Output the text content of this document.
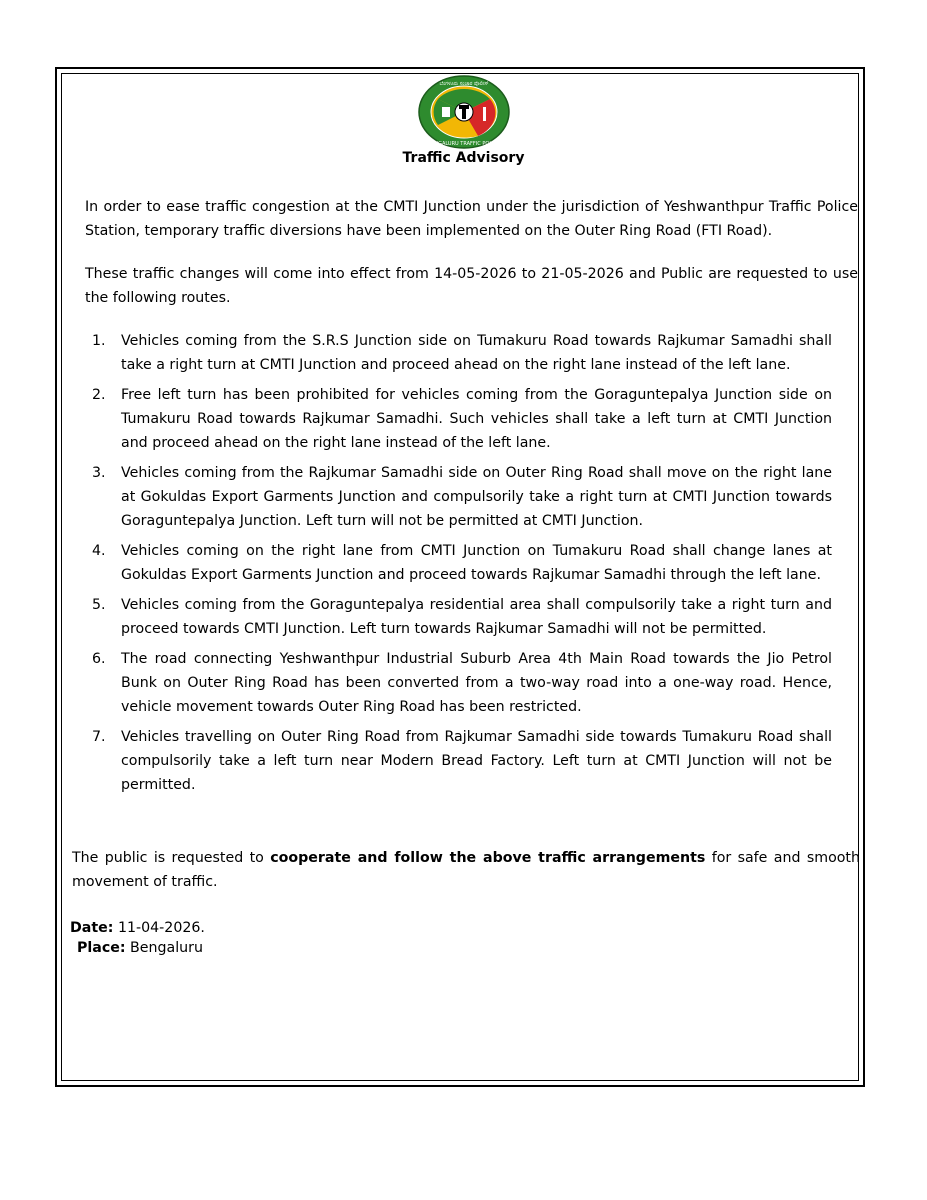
ಬೆಂಗಳೂರು ಸಂಚಾರ ಪೊಲೀಸ್
BENGALURU TRAFFIC POLICE
Traffic Advisory
In order to ease traffic congestion at the CMTI Junction under the jurisdiction of Yeshwanthpur Traffic Police Station, temporary traffic diversions have been implemented on the Outer Ring Road (FTI Road).
These traffic changes will come into effect from 14-05-2026 to 21-05-2026 and Public are requested to use the following routes.
1. Vehicles coming from the S.R.S Junction side on Tumakuru Road towards Rajkumar Samadhi shall take a right turn at CMTI Junction and proceed ahead on the right lane instead of the left lane.
2. Free left turn has been prohibited for vehicles coming from the Goraguntepalya Junction side on Tumakuru Road towards Rajkumar Samadhi. Such vehicles shall take a left turn at CMTI Junction and proceed ahead on the right lane instead of the left lane.
3. Vehicles coming from the Rajkumar Samadhi side on Outer Ring Road shall move on the right lane at Gokuldas Export Garments Junction and compulsorily take a right turn at CMTI Junction towards Goraguntepalya Junction. Left turn will not be permitted at CMTI Junction.
4. Vehicles coming on the right lane from CMTI Junction on Tumakuru Road shall change lanes at Gokuldas Export Garments Junction and proceed towards Rajkumar Samadhi through the left lane.
5. Vehicles coming from the Goraguntepalya residential area shall compulsorily take a right turn and proceed towards CMTI Junction. Left turn towards Rajkumar Samadhi will not be permitted.
6. The road connecting Yeshwanthpur Industrial Suburb Area 4th Main Road towards the Jio Petrol Bunk on Outer Ring Road has been converted from a two-way road into a one-way road. Hence, vehicle movement towards Outer Ring Road has been restricted.
7. Vehicles travelling on Outer Ring Road from Rajkumar Samadhi side towards Tumakuru Road shall compulsorily take a left turn near Modern Bread Factory. Left turn at CMTI Junction will not be permitted.
The public is requested to cooperate and follow the above traffic arrangements for safe and smooth movement of traffic.
Date: 11-04-2026.
Place: Bengaluru
